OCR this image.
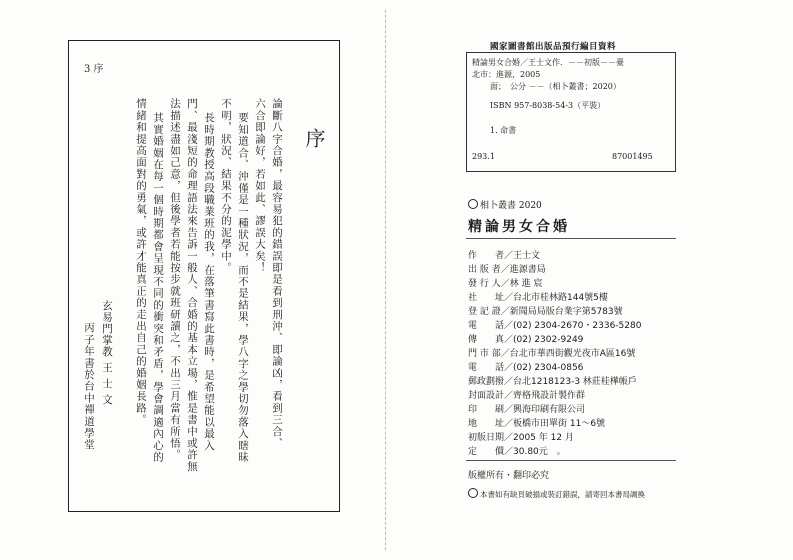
3 序
序
論斷八字合婚，最容易犯的錯誤即是看到刑沖、即論凶，看到三合、
六合即論好，若如此、謬誤大矣！
要知道合、沖僅是一種狀況，而不是結果，學八字之學切勿落入瞎昧
不明，狀況、結果不分的泥學中。
長時期教授高段職業班的我，在落筆書寫此書時，是希望能以最入
門、最淺短的命理語法來告訴一般人、合婚的基本立場，惟是書中或許無
法描述盡如己意，但後學者若能按步就班研讀之，不出三月當有所悟。
其實婚姻在每一個時期都會呈現不同的衝突和矛盾，學會調適內心的
情緒和提高面對的勇氣，或許才能真正的走出自己的婚姻長路。
玄易門掌教 王 士 文
丙子年書於台中禪道學堂
國家圖書館出版品預行編目資料
精論男女合婚／王士文作．－－初版－－臺
北市：進源，2005
面；　公分 －－（相卜叢書；2020）
ISBN 957-8038-54-3（平裝）
1. 命書
293.1	87001495
相卜叢書 2020
精論男女合婚
作　　者／王士文
出 版 者／進源書局
發 行 人／林 進 宸
社　　址／台北市桂林路144號5樓
登 記 證／新聞局局版台業字第5783號
電　　話／(02) 2304-2670・2336-5280
傳　　真／(02) 2302-9249
門 市 部／台北市華西街觀光夜市A區16號
電　　話／(02) 2304-0856
郵政劃撥／台北1218123-3 林莊桂樺帳戶
封面設計／齊格飛設計製作群
印　　刷／興海印刷有限公司
地　　址／板橋市田單街 11～6號
初版日期／2005 年 12 月
定　　價／30.80元　。
版權所有・翻印必究
本書如有缺頁破損或裝訂錯誤，請寄回本書局調換
